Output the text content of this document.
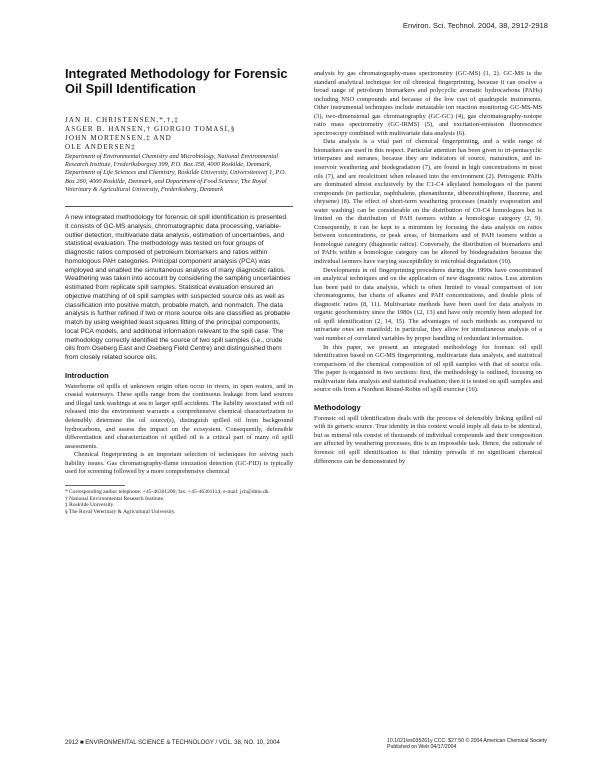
Environ. Sci. Technol. 2004, 38, 2912-2918
Integrated Methodology for Forensic Oil Spill Identification
JAN H. CHRISTENSEN,*,†,‡
ASGER B. HANSEN,† GIORGIO TOMASI,§
JOHN MORTENSEN,‡ AND
OLE ANDERSEN‡
Department of Environmental Chemistry and Microbiology, National Environmental Research Institute, Frederiksborgvej 399, P.O. Box 358, 4000 Roskilde, Denmark, Department of Life Sciences and Chemistry, Roskilde University, Universitetsvej 1, P.O. Box 260, 4000 Roskilde, Denmark, and Department of Food Science, The Royal Veterinary & Agricultural University, Frederiksberg, Denmark
A new integrated methodology for forensic oil spill identification is presented. It consists of GC-MS analysis, chromatographic data processing, variable-outlier detection, multivariate data analysis, estimation of uncertainties, and statistical evaluation. The methodology was tested on four groups of diagnostic ratios composed of petroleum biomarkers and ratios within homologous PAH categories. Principal component analysis (PCA) was employed and enabled the simultaneous analysis of many diagnostic ratios. Weathering was taken into account by considering the sampling uncertainties estimated from replicate spill samples. Statistical evaluation ensured an objective matching of oil spill samples with suspected source oils as well as classification into positive match, probable match, and nonmatch. The data analysis is further refined if two or more source oils are classified as probable match by using weighted least squares fitting of the principal components, local PCA models, and additional information relevant to the spill case. The methodology correctly identified the source of two spill samples (i.e., crude oils from Oseberg East and Oseberg Field Centre) and distinguished them from closely related source oils.
Introduction

Waterborne oil spills of unknown origin often occur in rivers, in open waters, and in coastal waterways. These spills range from the continuous leakage from land sources and illegal tank washings at sea to larger spill accidents. The liability associated with oil released into the environment warrants a comprehensive chemical characterization to defensibly determine the oil source(s), distinguish spilled oil from background hydrocarbons, and assess the impact on the ecosystem. Consequently, defensible differentiation and characterization of spilled oil is a critical part of many oil spill assessments.

Chemical fingerprinting is an important selection of techniques for solving such liability issues. Gas chromatography-flame ionization detection (GC-FID) is typically used for screening followed by a more comprehensive chemical

* Corresponding author telephone: +45-46301200; fax: +45-46301114; e-mail: jch@dmu.dk.
† National Environmental Research Institute.
‡ Roskilde University.
§ The Royal Veterinary & Agricultural University.

analysis by gas chromatography-mass spectrometry (GC-MS) (1, 2). GC-MS is the standard analytical technique for oil chemical fingerprinting, because it can resolve a broad range of petroleum biomarkers and polycyclic aromatic hydrocarbons (PAHs) including NSO compounds and because of the low cost of quadrupole instruments. Other instrumental techniques include metastable ion reaction monitoring GC-MS-MS (3), two-dimensional gas chromatography (GC-GC) (4), gas chromatography-isotope ratio mass spectrometry (GC-IRMS) (5), and excitation-emission fluorescence spectroscopy combined with multivariate data analysis (6).

Data analysis is a vital part of chemical fingerprinting, and a wide range of biomarkers are used in this respect. Particular attention has been given to tri-pentacyclic triterpanes and steranes, because they are indicators of source, maturation, and in-reservoir weathering and biodegradation (7), are found in high concentrations in most oils (7), and are recalcitrant when released into the environment (2). Petrogenic PAHs are dominated almost exclusively by the C1-C4 alkylated homologues of the parent compounds (in particular, naphthalene, phenanthrene, dibenzothiophene, fluorene, and chrysene) (8). The effect of short-term weathering processes (mainly evaporation and water washing) can be considerable on the distribution of C0-C4 homologues but is limited on the distribution of PAH isomers within a homologue category (2, 9). Consequently, it can be kept to a minimum by focusing the data analysis on ratios between concentrations, or peak areas, of biomarkers and of PAH isomers within a homologue category (diagnostic ratios). Conversely, the distribution of biomarkers and of PAHs within a homologue category can be altered by biodegradation because the individual isomers have varying susceptibility to microbial degradation (10).

Developments in oil fingerprinting procedures during the 1990s have concentrated on analytical techniques and on the application of new diagnostic ratios. Less attention has been paid to data analysis, which is often limited to visual comparison of ion chromatograms, bar charts of alkanes and PAH concentrations, and double plots of diagnostic ratios (8, 11). Multivariate methods have been used for data analysis in organic geochemistry since the 1980s (12, 13) and have only recently been adopted for oil spill identification (2, 14, 15). The advantages of such methods as compared to univariate ones are manifold; in particular, they allow for simultaneous analysis of a vast number of correlated variables by proper handling of redundant information.

In this paper, we present an integrated methodology for forensic oil spill identification based on GC-MS fingerprinting, multivariate data analysis, and statistical comparisons of the chemical composition of oil spill samples with that of source oils. The paper is organized in two sections: first, the methodology is outlined, focusing on multivariate data analysis and statistical evaluation; then it is tested on spill samples and source oils from a Nordtest Round-Robin oil spill exercise (16).

Methodology

Forensic oil spill identification deals with the process of defensibly linking spilled oil with its generic source. True identity in this context would imply all data to be identical, but as mineral oils consist of thousands of individual compounds and their composition are affected by weathering processes, this is an impossible task. Hence, the rationale of forensic oil spill identification is that identity prevails if no significant chemical differences can be demonstrated by

2912 ■ ENVIRONMENTAL SCIENCE & TECHNOLOGY / VOL. 38, NO. 10, 2004	10.1021/es035261y CCC: $27.50 © 2004 American Chemical Society
Published on Web 04/17/2004
